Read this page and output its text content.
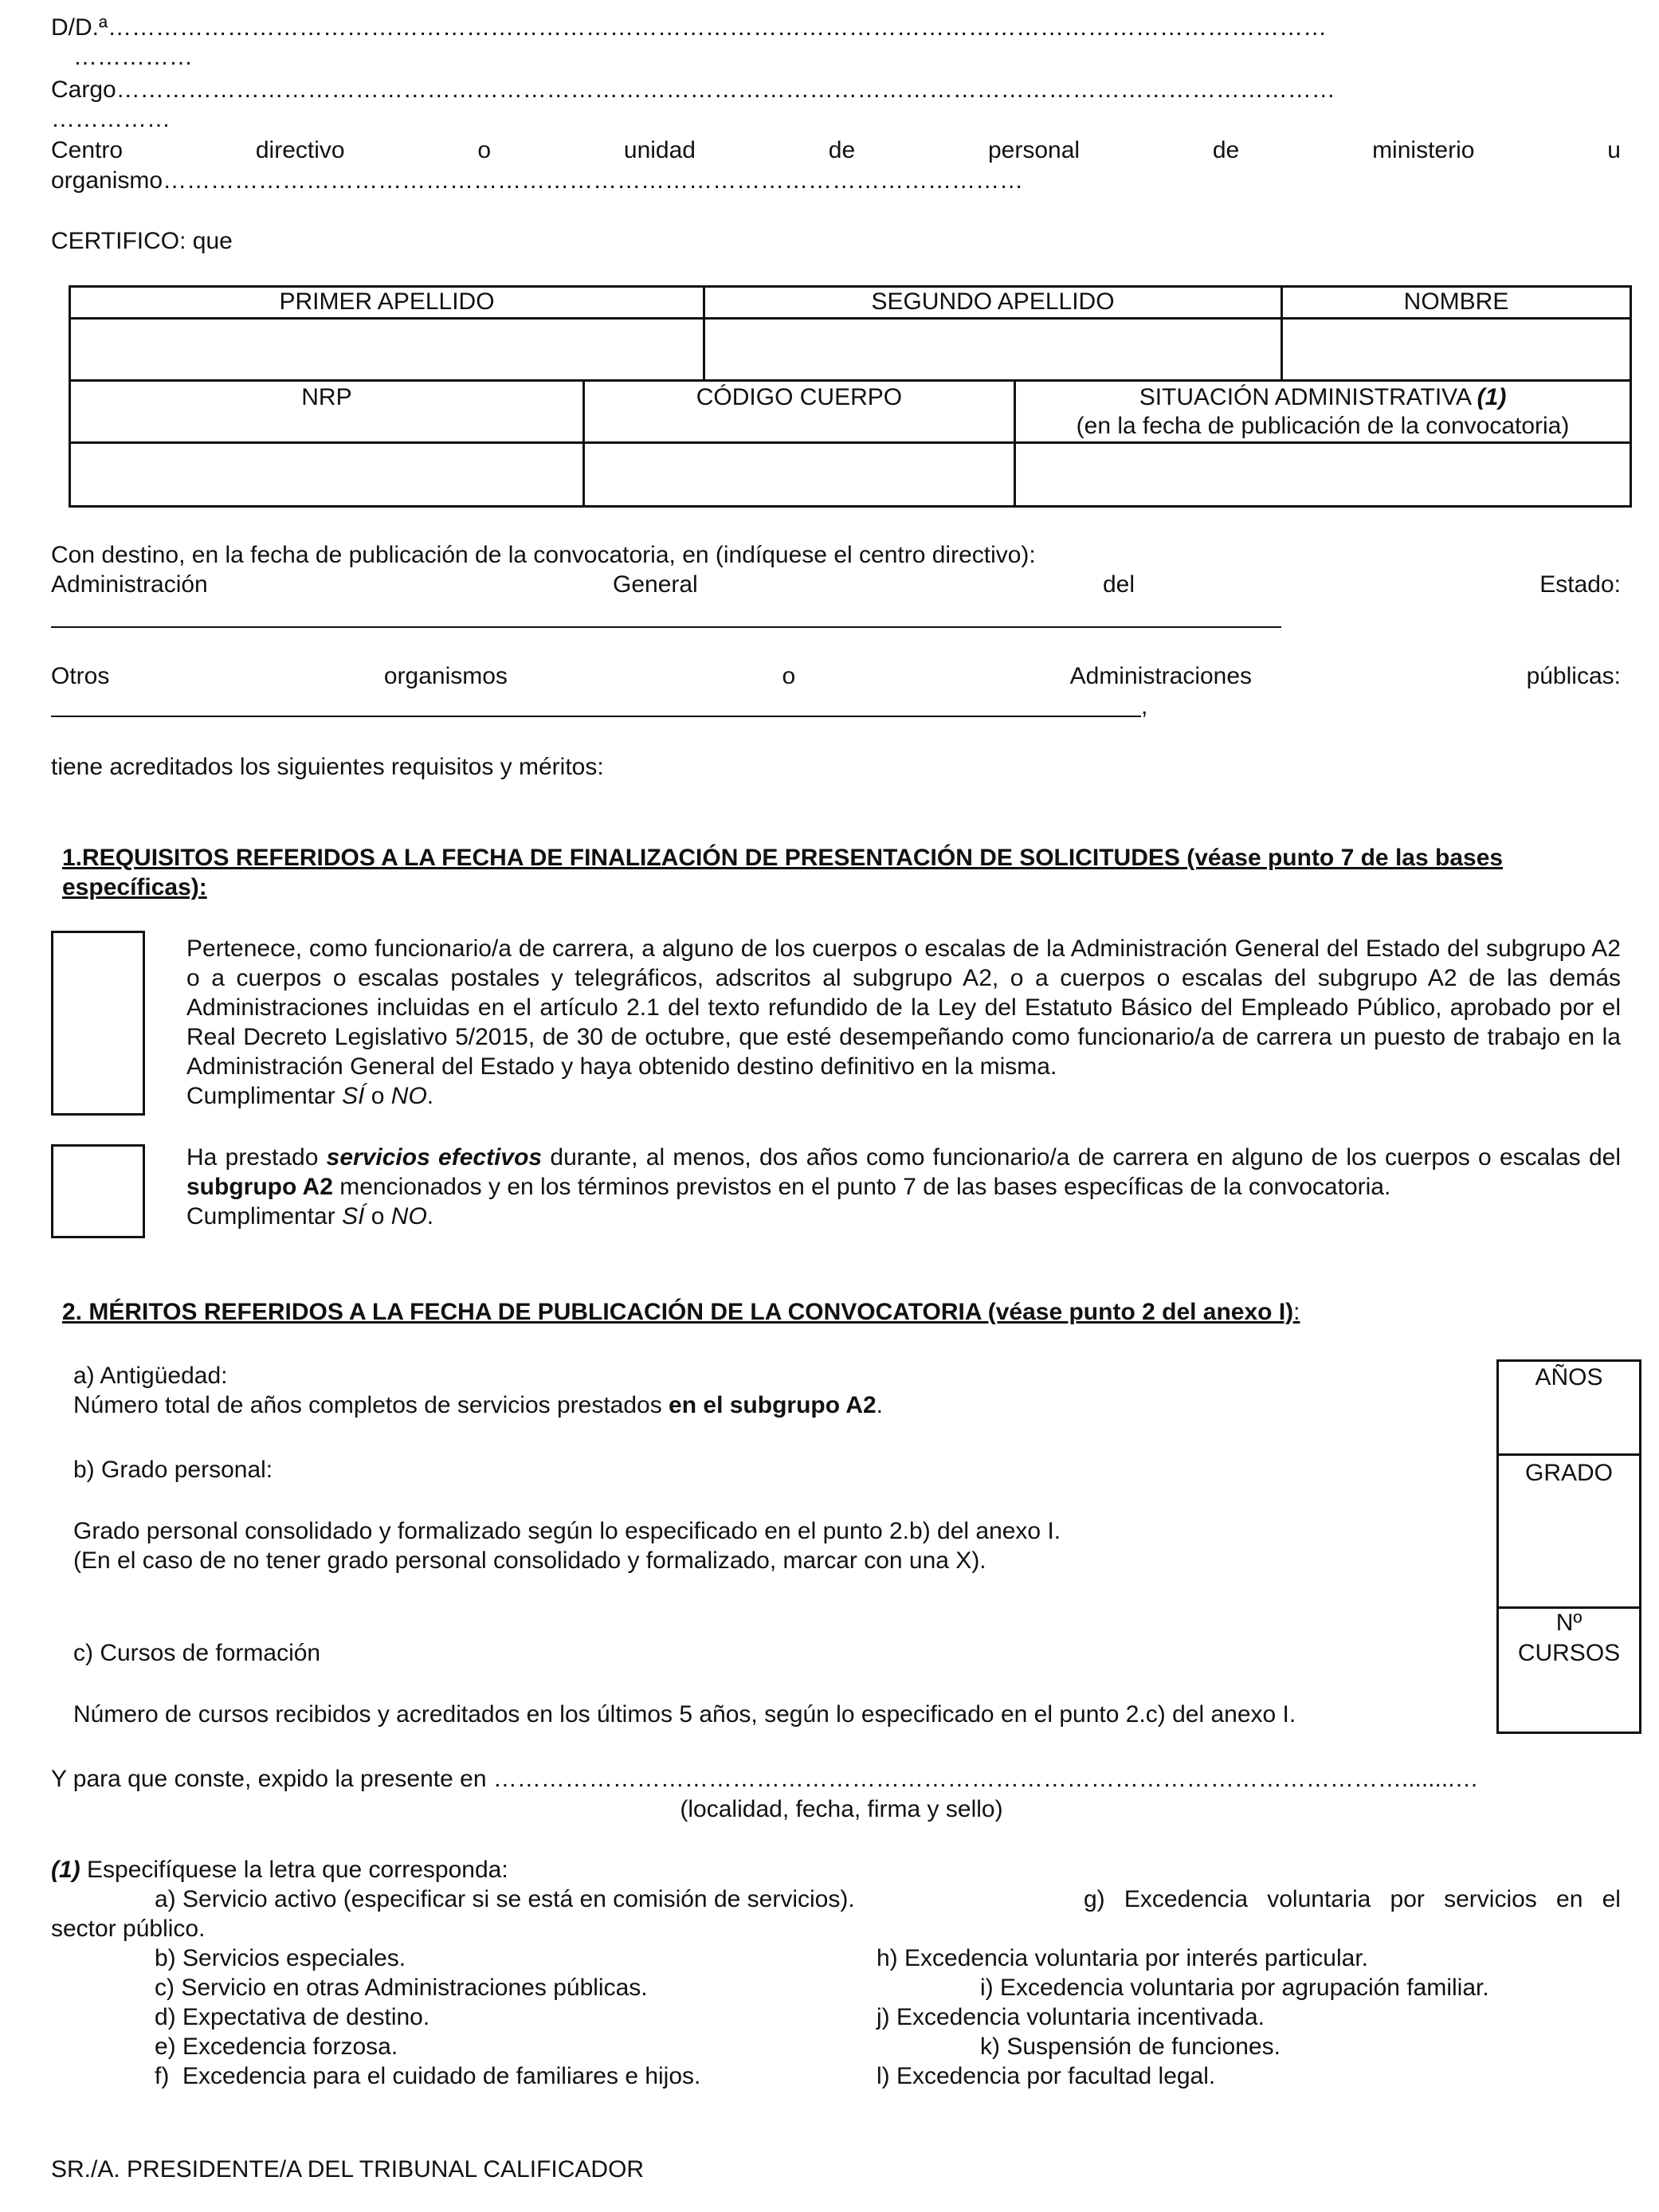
D/D.ª………………………………………………………………………………………………………………………………………
……………
Cargo………………………………………………………………………………………………………………………………………
……………
Centro	directivo	o	unidad	de	personal	de	ministerio	u
organismo………………………………………………………………………………………………
CERTIFICO: que
PRIMER APELLIDO	SEGUNDO APELLIDO	NOMBRE

NRP	CÓDIGO CUERPO	SITUACIÓN ADMINISTRATIVA (1)
(en la fecha de publicación de la convocatoria)

Con destino, en la fecha de publicación de la convocatoria, en (indíquese el centro directivo):
Administración	General	del	Estado:
Otros	organismos	o	Administraciones	públicas:
,
tiene acreditados los siguientes requisitos y méritos:
1.REQUISITOS REFERIDOS A LA FECHA DE FINALIZACIÓN DE PRESENTACIÓN DE SOLICITUDES (véase punto 7 de las bases específicas):
Pertenece, como funcionario/a de carrera, a alguno de los cuerpos o escalas de la Administración General del Estado del subgrupo A2 o a cuerpos o escalas postales y telegráficos, adscritos al subgrupo A2, o a cuerpos o escalas del subgrupo A2 de las demás Administraciones incluidas en el artículo 2.1 del texto refundido de la Ley del Estatuto Básico del Empleado Público, aprobado por el Real Decreto Legislativo 5/2015, de 30 de octubre, que esté desempeñando como funcionario/a de carrera un puesto de trabajo en la Administración General del Estado y haya obtenido destino definitivo en la misma.
Cumplimentar SÍ o NO.
Ha prestado servicios efectivos durante, al menos, dos años como funcionario/a de carrera en alguno de los cuerpos o escalas del subgrupo A2 mencionados y en los términos previstos en el punto 7 de las bases específicas de la convocatoria.
Cumplimentar SÍ o NO.
2. MÉRITOS REFERIDOS A LA FECHA DE PUBLICACIÓN DE LA CONVOCATORIA (véase punto 2 del anexo I):
a) Antigüedad:
Número total de años completos de servicios prestados en el subgrupo A2.
b) Grado personal:
Grado personal consolidado y formalizado según lo especificado en el punto 2.b) del anexo I.
(En el caso de no tener grado personal consolidado y formalizado, marcar con una X).
c) Cursos de formación
Número de cursos recibidos y acreditados en los últimos 5 años, según lo especificado en el punto 2.c) del anexo I.
AÑOS
GRADO
Nº
CURSOS
Y para que conste, expido la presente en ……………………………………………………………………………………………………........…
(localidad, fecha, firma y sello)
(1) Especifíquese la letra que corresponda:
a) Servicio activo (especificar si se está en comisión de servicios).	g) Excedencia voluntaria por servicios en el
sector público.
b) Servicios especiales.	h) Excedencia voluntaria por interés particular.
c) Servicio en otras Administraciones públicas.	i) Excedencia voluntaria por agrupación familiar.
d) Expectativa de destino.	j) Excedencia voluntaria incentivada.
e) Excedencia forzosa.	k) Suspensión de funciones.
f)  Excedencia para el cuidado de familiares e hijos.	l) Excedencia por facultad legal.
SR./A. PRESIDENTE/A DEL TRIBUNAL CALIFICADOR
